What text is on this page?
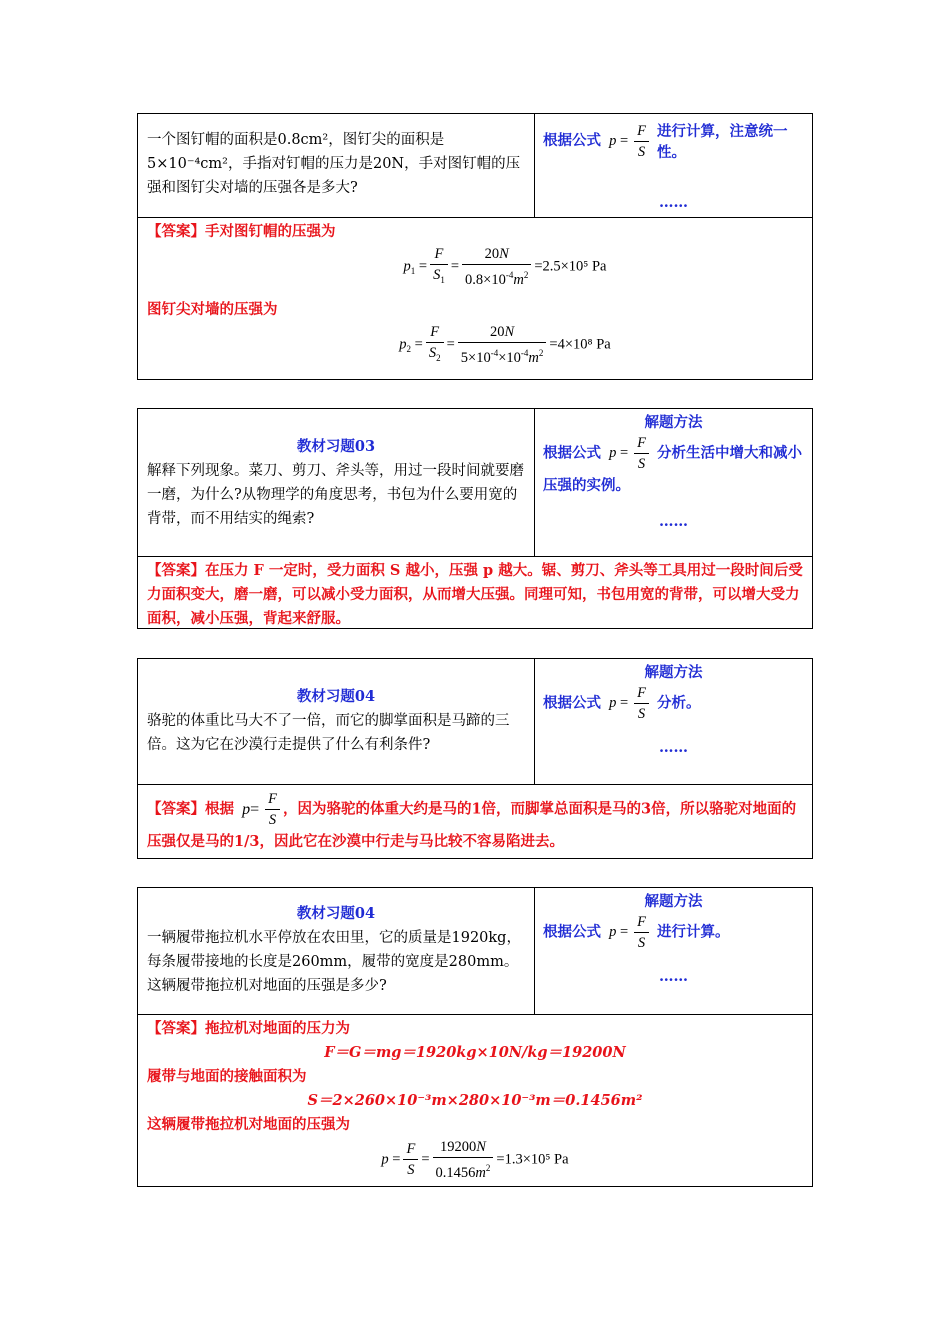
一个图钉帽的面积是0.8cm²，图钉尖的面积是5×10⁻⁴cm²，手指对钉帽的压力是20N，手对图钉帽的压强和图钉尖对墙的压强各是多大?
根据公式 $p = \frac{F}{S}$ 进行计算，注意统一性。
……
【答案】手对图钉帽的压强为
$p_1 = \frac{F}{S_1} = \frac{20N}{0.8\times 10^{-4}m^2} =2.5\times 10^5$ Pa
图钉尖对墙的压强为
$p_2 = \frac{F}{S_2} = \frac{20N}{5\times 10^{-4}\times 10^{-4}m^2} =4\times 10^8$ Pa

教材习题03

解释下列现象。菜刀、剪刀、斧头等，用过一段时间就要磨一磨，为什么?从物理学的角度思考，书包为什么要用宽的背带，而不用结实的绳索?
解题方法
根据公式 $p = \frac{F}{S}$ 分析生活中增大和减小压强的实例。
……
【答案】在压力 F 一定时，受力面积 S 越小，压强 p 越大。锯、剪刀、斧头等工具用过一段时间后受力面积变大，磨一磨，可以减小受力面积，从而增大压强。同理可知，书包用宽的背带，可以增大受力面积，减小压强，背起来舒服。

教材习题04

骆驼的体重比马大不了一倍，而它的脚掌面积是马蹄的三倍。这为它在沙漠行走提供了什么有利条件?
解题方法
根据公式 $p = \frac{F}{S}$ 分析。
……
【答案】根据 $p= \frac{F}{S}$ ，因为骆驼的体重大约是马的1倍，而脚掌总面积是马的3倍，所以骆驼对地面的压强仅是马的1/3，因此它在沙漠中行走与马比较不容易陷进去。

教材习题04

一辆履带拖拉机水平停放在农田里，它的质量是1920kg，每条履带接地的长度是260mm，履带的宽度是280mm。这辆履带拖拉机对地面的压强是多少?
解题方法
根据公式 $p = \frac{F}{S}$ 进行计算。
……
【答案】拖拉机对地面的压力为
F＝G＝mg＝1920kg×10N/kg＝19200N
履带与地面的接触面积为
S＝2×260×10⁻³m×280×10⁻³m＝0.1456m²
这辆履带拖拉机对地面的压强为
$p = \frac{F}{S} = \frac{19200N}{0.1456m^2} =1.3\times 10^5$ Pa
